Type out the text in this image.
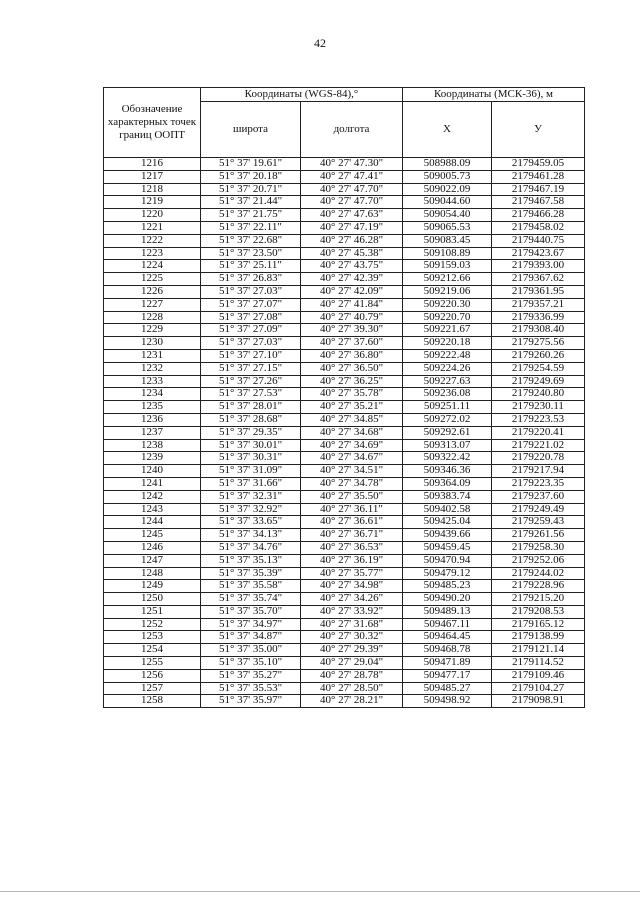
42
Обозначение характерных точек границ ООПТ	Координаты (WGS-84),°		Координаты (МСК-36), м	
	широта	долгота	X	У
1216	51° 37' 19.61"	40° 27' 47.30"	508988.09	2179459.05
1217	51° 37' 20.18"	40° 27' 47.41"	509005.73	2179461.28
1218	51° 37' 20.71"	40° 27' 47.70"	509022.09	2179467.19
1219	51° 37' 21.44"	40° 27' 47.70"	509044.60	2179467.58
1220	51° 37' 21.75"	40° 27' 47.63"	509054.40	2179466.28
1221	51° 37' 22.11"	40° 27' 47.19"	509065.53	2179458.02
1222	51° 37' 22.68"	40° 27' 46.28"	509083.45	2179440.75
1223	51° 37' 23.50"	40° 27' 45.38"	509108.89	2179423.67
1224	51° 37' 25.11"	40° 27' 43.75"	509159.03	2179393.00
1225	51° 37' 26.83"	40° 27' 42.39"	509212.66	2179367.62
1226	51° 37' 27.03"	40° 27' 42.09"	509219.06	2179361.95
1227	51° 37' 27.07"	40° 27' 41.84"	509220.30	2179357.21
1228	51° 37' 27.08"	40° 27' 40.79"	509220.70	2179336.99
1229	51° 37' 27.09"	40° 27' 39.30"	509221.67	2179308.40
1230	51° 37' 27.03"	40° 27' 37.60"	509220.18	2179275.56
1231	51° 37' 27.10"	40° 27' 36.80"	509222.48	2179260.26
1232	51° 37' 27.15"	40° 27' 36.50"	509224.26	2179254.59
1233	51° 37' 27.26"	40° 27' 36.25"	509227.63	2179249.69
1234	51° 37' 27.53"	40° 27' 35.78"	509236.08	2179240.80
1235	51° 37' 28.01"	40° 27' 35.21"	509251.11	2179230.11
1236	51° 37' 28.68"	40° 27' 34.85"	509272.02	2179223.53
1237	51° 37' 29.35"	40° 27' 34.68"	509292.61	2179220.41
1238	51° 37' 30.01"	40° 27' 34.69"	509313.07	2179221.02
1239	51° 37' 30.31"	40° 27' 34.67"	509322.42	2179220.78
1240	51° 37' 31.09"	40° 27' 34.51"	509346.36	2179217.94
1241	51° 37' 31.66"	40° 27' 34.78"	509364.09	2179223.35
1242	51° 37' 32.31"	40° 27' 35.50"	509383.74	2179237.60
1243	51° 37' 32.92"	40° 27' 36.11"	509402.58	2179249.49
1244	51° 37' 33.65"	40° 27' 36.61"	509425.04	2179259.43
1245	51° 37' 34.13"	40° 27' 36.71"	509439.66	2179261.56
1246	51° 37' 34.76"	40° 27' 36.53"	509459.45	2179258.30
1247	51° 37' 35.13"	40° 27' 36.19"	509470.94	2179252.06
1248	51° 37' 35.39"	40° 27' 35.77"	509479.12	2179244.02
1249	51° 37' 35.58"	40° 27' 34.98"	509485.23	2179228.96
1250	51° 37' 35.74"	40° 27' 34.26"	509490.20	2179215.20
1251	51° 37' 35.70"	40° 27' 33.92"	509489.13	2179208.53
1252	51° 37' 34.97"	40° 27' 31.68"	509467.11	2179165.12
1253	51° 37' 34.87"	40° 27' 30.32"	509464.45	2179138.99
1254	51° 37' 35.00"	40° 27' 29.39"	509468.78	2179121.14
1255	51° 37' 35.10"	40° 27' 29.04"	509471.89	2179114.52
1256	51° 37' 35.27"	40° 27' 28.78"	509477.17	2179109.46
1257	51° 37' 35.53"	40° 27' 28.50"	509485.27	2179104.27
1258	51° 37' 35.97"	40° 27' 28.21"	509498.92	2179098.91
